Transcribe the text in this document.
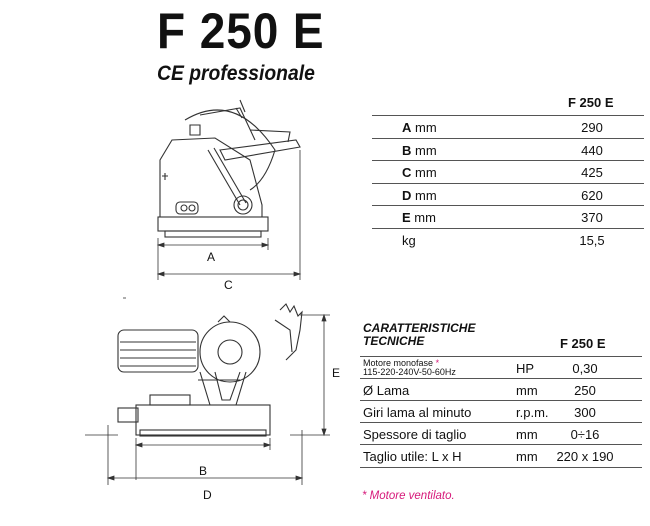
F 250 E
CE professionale
A
C
B
D
E
F 250 E
A mm	290
B mm	440
C mm	425
D mm	620
E mm	370
kg	15,5
CARATTERISTICHE
TECNICHE	F 250 E
Motore monofase *
115-220-240V-50-60Hz	HP	0,30
Ø Lama	mm	250
Giri lama al minuto	r.p.m.	300
Spessore di taglio	mm	0÷16
Taglio utile: L x H	mm 220 x 190
* Motore ventilato.
